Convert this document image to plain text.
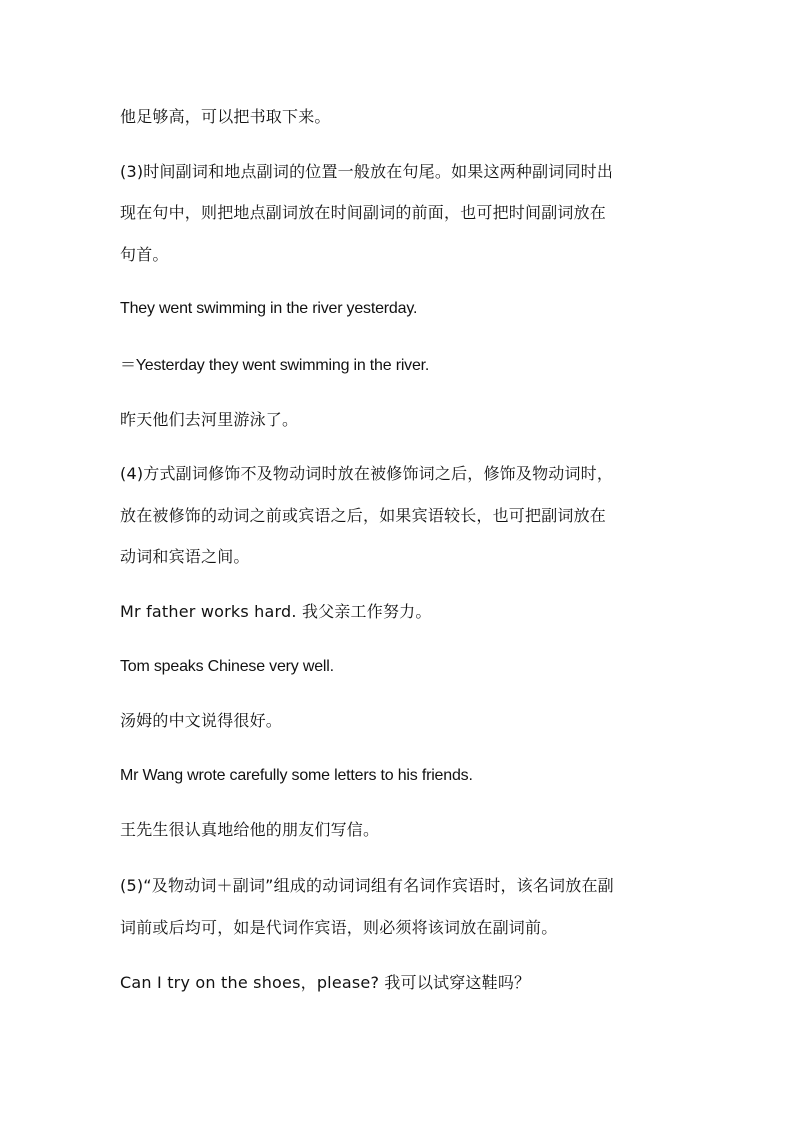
他足够高，可以把书取下来。
(3)时间副词和地点副词的位置一般放在句尾。如果这两种副词同时出
现在句中，则把地点副词放在时间副词的前面，也可把时间副词放在
句首。
They went swimming in the river yesterday.
＝Yesterday they went swimming in the river.
昨天他们去河里游泳了。
(4)方式副词修饰不及物动词时放在被修饰词之后，修饰及物动词时，
放在被修饰的动词之前或宾语之后，如果宾语较长，也可把副词放在
动词和宾语之间。
Mr father works hard. 我父亲工作努力。
Tom speaks Chinese very well.
汤姆的中文说得很好。
Mr Wang wrote carefully some letters to his friends.
王先生很认真地给他的朋友们写信。
(5)“及物动词＋副词”组成的动词词组有名词作宾语时，该名词放在副
词前或后均可，如是代词作宾语，则必须将该词放在副词前。
Can I try on the shoes，please? 我可以试穿这鞋吗？
